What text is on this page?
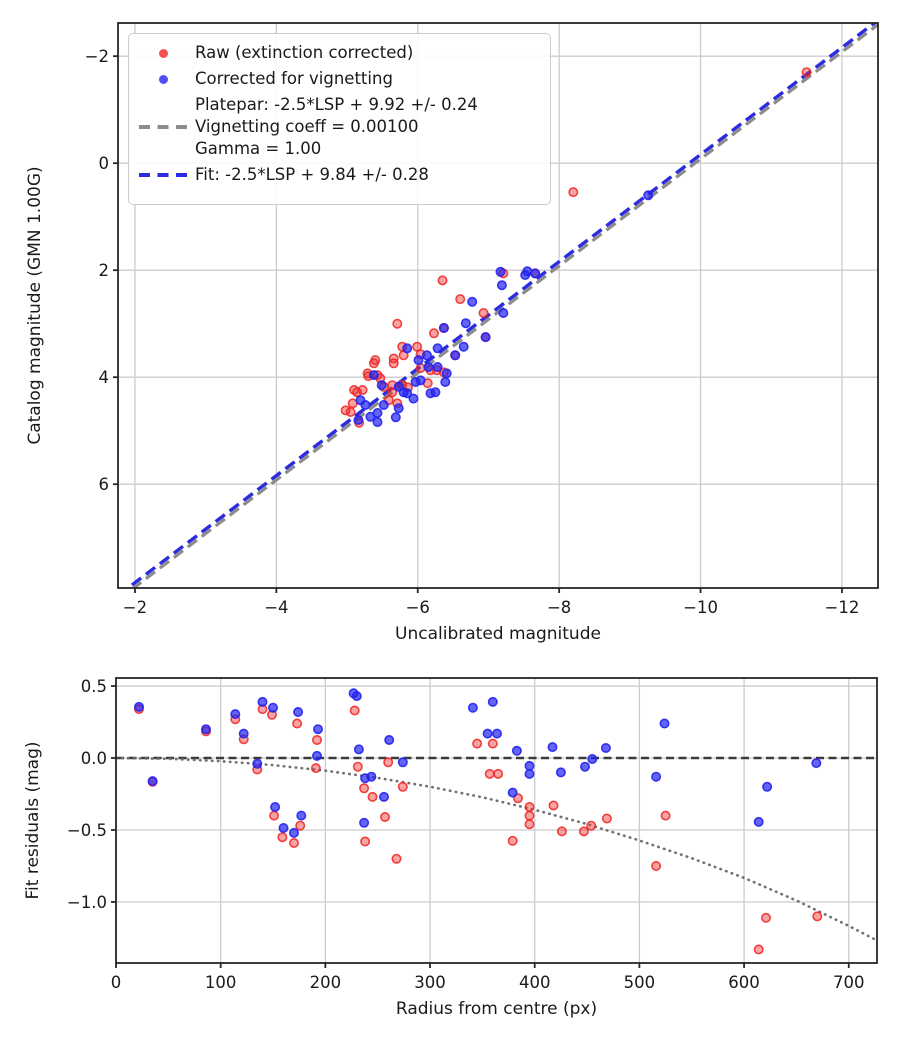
−2	−4	−6	−8	−10	−12
−2
0
2
4
6
Uncalibrated magnitude
Catalog magnitude (GMN 1.00G)
0	100	200	300	400	500	600	700
0.5
0.0
−0.5
−1.0
Radius from centre (px)
Fit residuals (mag)
Raw (extinction corrected)
Corrected for vignetting
Platepar: -2.5*LSP + 9.92 +/- 0.24
Vignetting coeff = 0.00100
Gamma = 1.00
Fit: -2.5*LSP + 9.84 +/- 0.28
